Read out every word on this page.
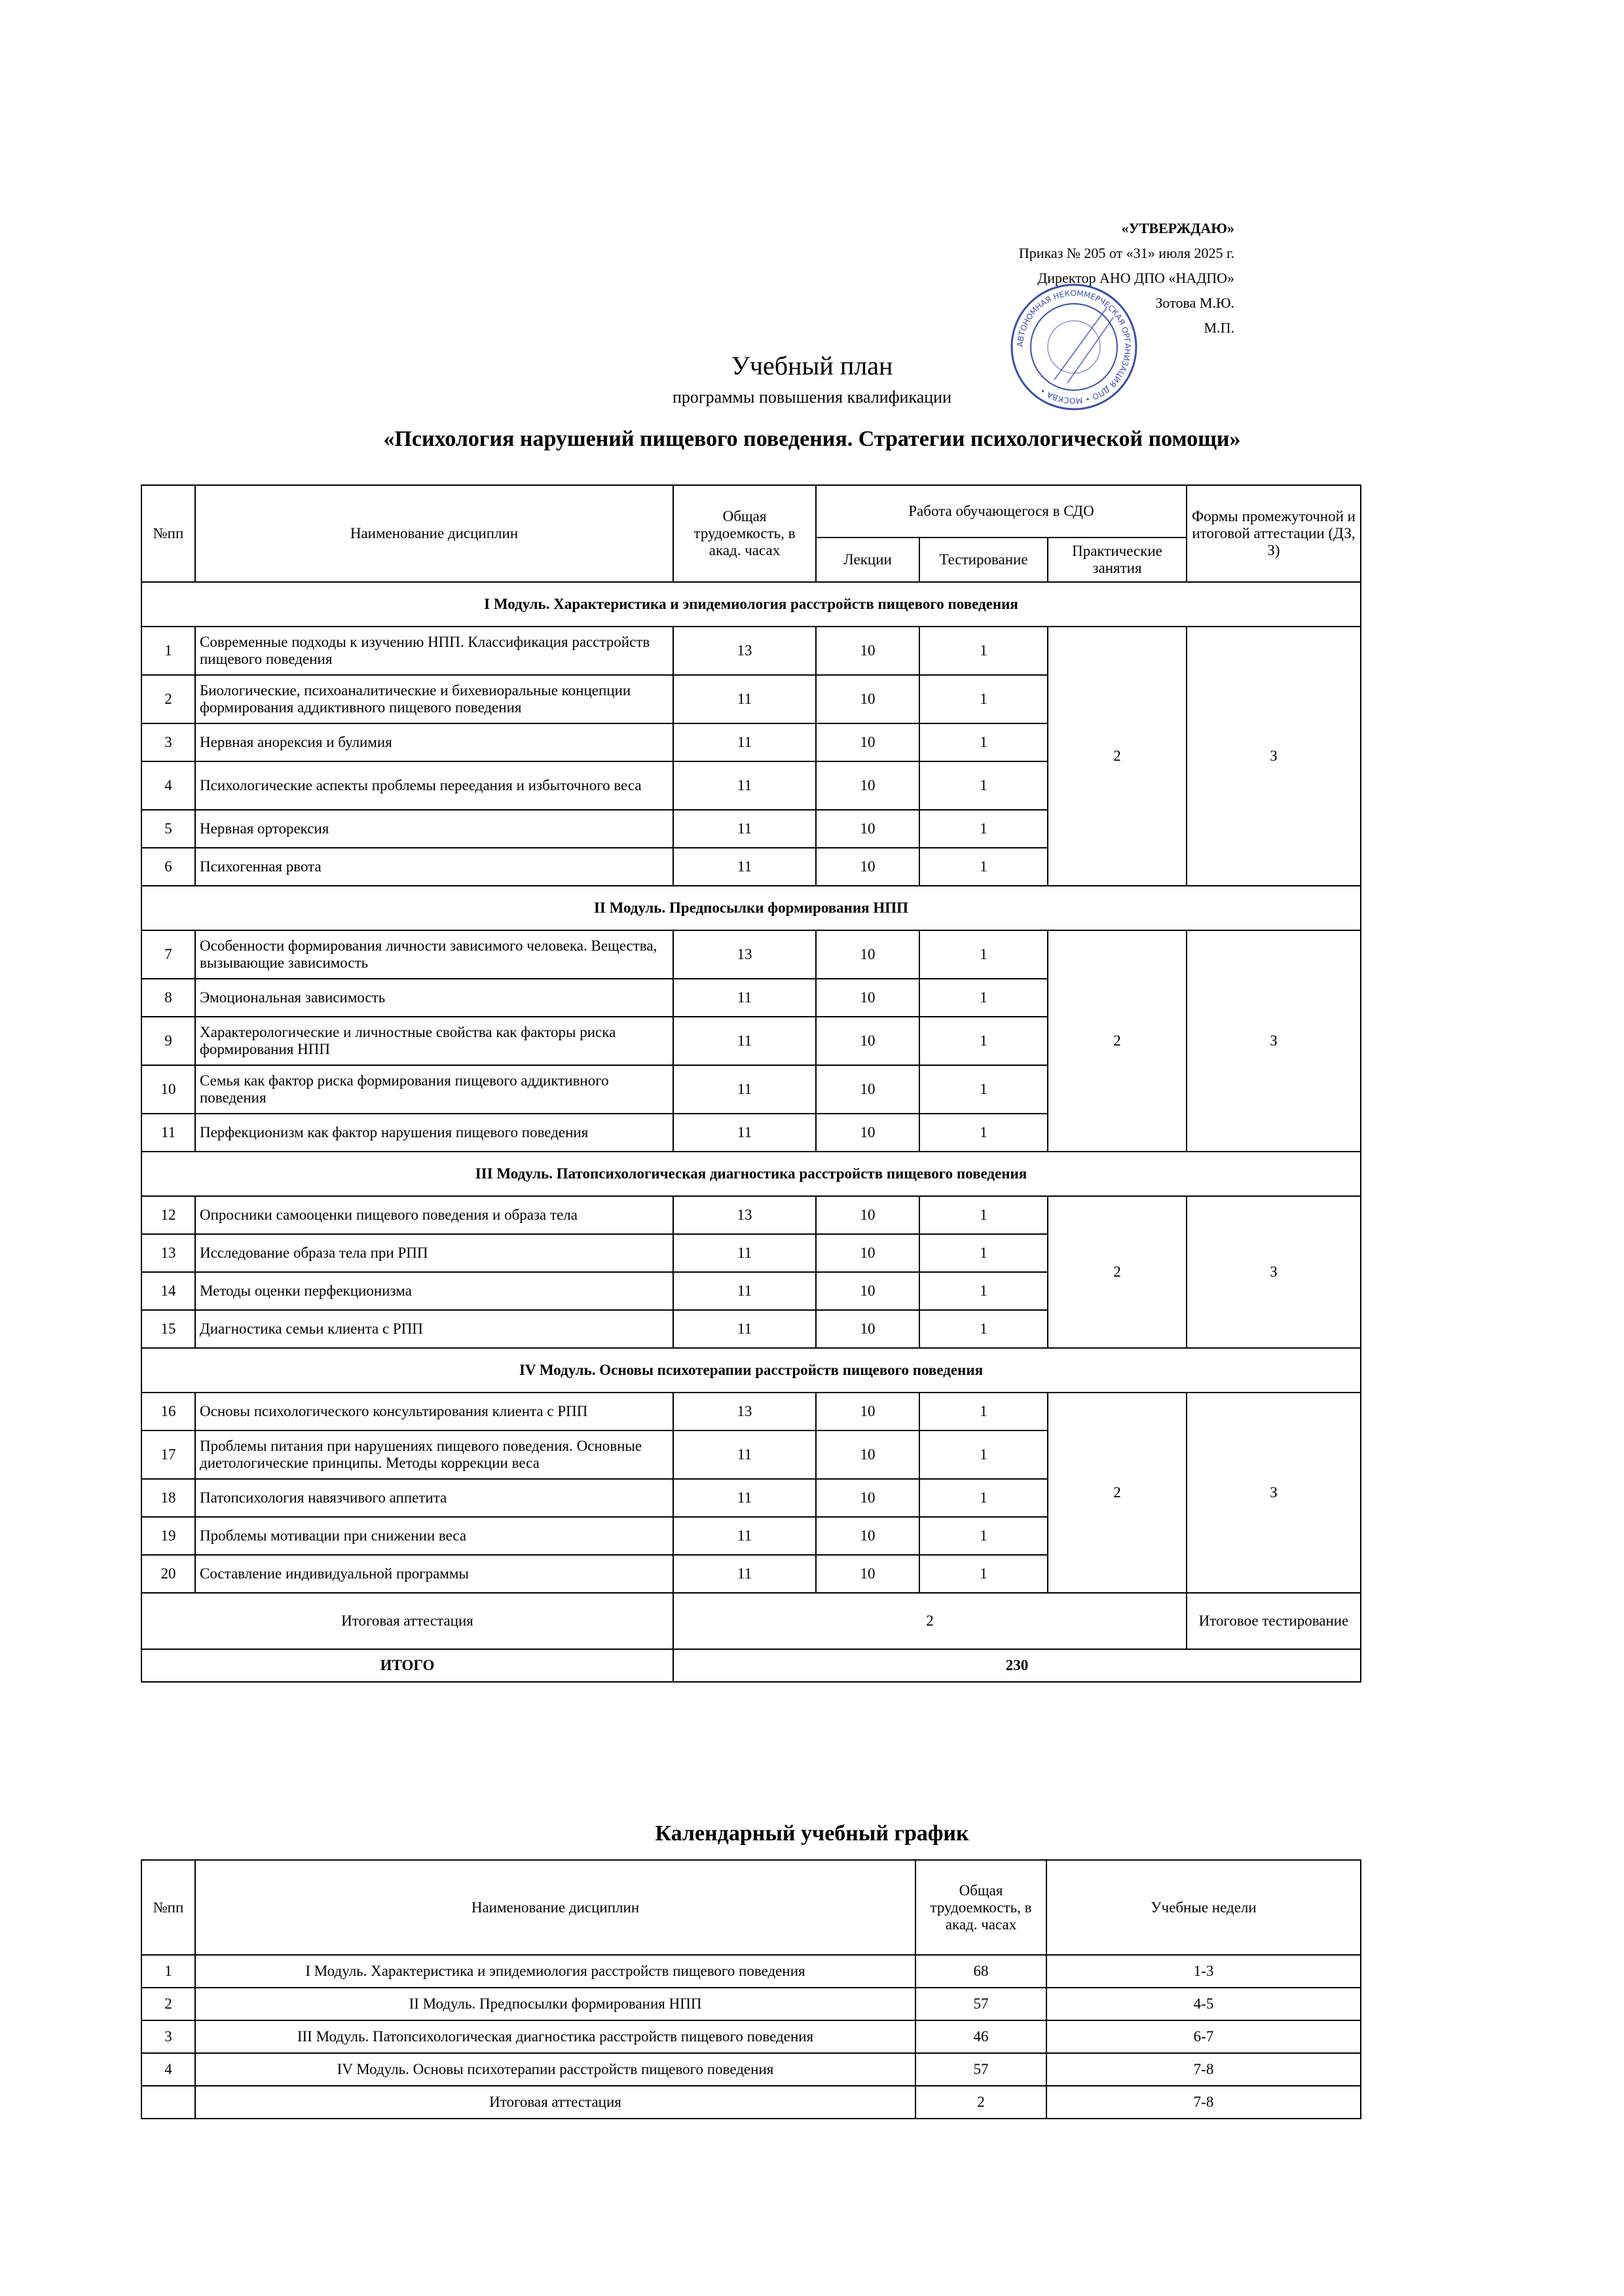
«УТВЕРЖДАЮ»
Приказ № 205 от «31» июля 2025 г.
Директор АНО ДПО «НАДПО»
Зотова М.Ю.
М.П.
АВТОНОМНАЯ НЕКОММЕРЧЕСКАЯ ОРГАНИЗАЦИЯ ДПО • МОСКВА •
Учебный план
программы повышения квалификации
«Психология нарушений пищевого поведения. Стратегии психологической помощи»
№пп	Наименование дисциплин	Общая трудоемкость, в акад. часах	Работа обучающегося в СДО			Формы промежуточной и итоговой аттестации (ДЗ, З)
			Лекции	Тестирование	Практические занятия	
I Модуль. Характеристика и эпидемиология расстройств пищевого поведения						
1	Современные подходы к изучению НПП. Классификация расстройств пищевого поведения	13	10	1	2	З
2	Биологические, психоаналитические и бихевиоральные концепции формирования аддиктивного пищевого поведения	11	10	1		
3	Нервная анорексия и булимия	11	10	1		
4	Психологические аспекты проблемы переедания и избыточного веса	11	10	1		
5	Нервная орторексия	11	10	1		
6	Психогенная рвота	11	10	1		
II Модуль. Предпосылки формирования НПП						
7	Особенности формирования личности зависимого человека. Вещества, вызывающие зависимость	13	10	1	2	З
8	Эмоциональная зависимость	11	10	1		
9	Характерологические и личностные свойства как факторы риска формирования НПП	11	10	1		
10	Семья как фактор риска формирования пищевого аддиктивного поведения	11	10	1		
11	Перфекционизм как фактор нарушения пищевого поведения	11	10	1		
III Модуль. Патопсихологическая диагностика расстройств пищевого поведения						
12	Опросники самооценки пищевого поведения и образа тела	13	10	1	2	З
13	Исследование образа тела при РПП	11	10	1		
14	Методы оценки перфекционизма	11	10	1		
15	Диагностика семьи клиента с РПП	11	10	1		
IV Модуль. Основы психотерапии расстройств пищевого поведения						
16	Основы психологического консультирования клиента с РПП	13	10	1	2	З
17	Проблемы питания при нарушениях пищевого поведения. Основные диетологические принципы. Методы коррекции веса	11	10	1		
18	Патопсихология навязчивого аппетита	11	10	1		
19	Проблемы мотивации при снижении веса	11	10	1		
20	Составление индивидуальной программы	11	10	1		
Итоговая аттестация		2				Итоговое тестирование
ИТОГО		230				
Календарный учебный график
№пп	Наименование дисциплин	Общая трудоемкость, в акад. часах	Учебные недели
1	I Модуль. Характеристика и эпидемиология расстройств пищевого поведения	68	1-3
2	II Модуль. Предпосылки формирования НПП	57	4-5
3	III Модуль. Патопсихологическая диагностика расстройств пищевого поведения	46	6-7
4	IV Модуль. Основы психотерапии расстройств пищевого поведения	57	7-8
	Итоговая аттестация	2	7-8
